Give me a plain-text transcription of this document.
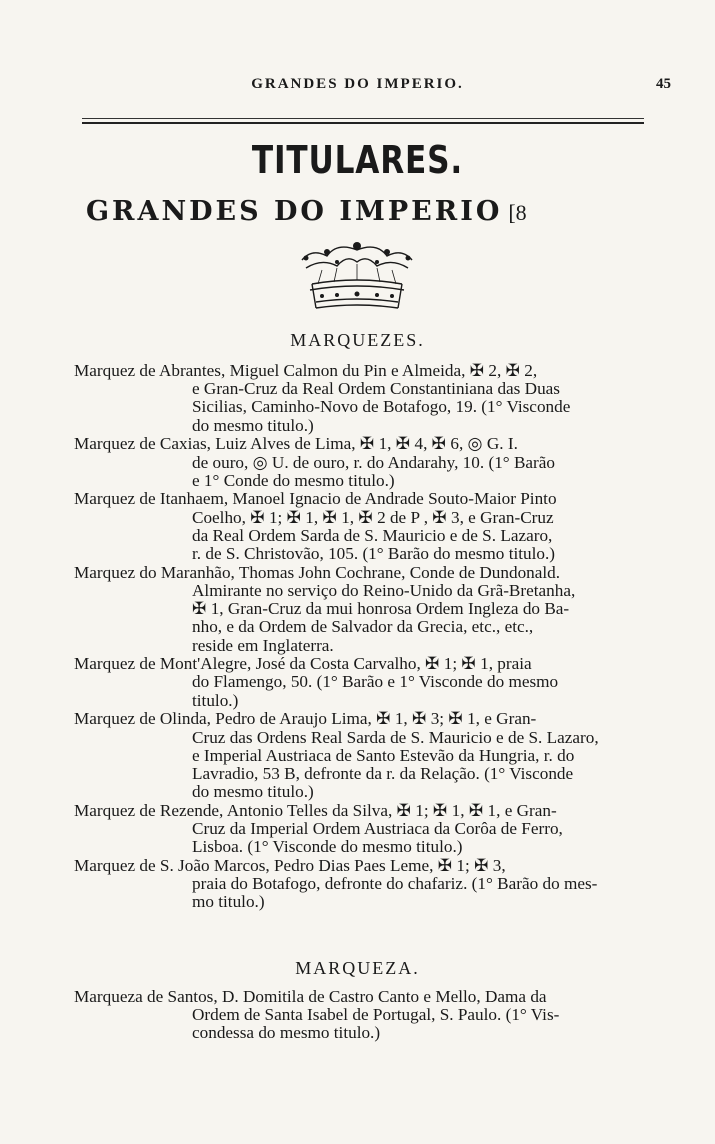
GRANDES DO IMPERIO.	45
TITULARES.
GRANDES DO IMPERIO [8
MARQUEZES.
Marquez de Abrantes, Miguel Calmon du Pin e Almeida, ✠ 2, ✠ 2,
e Gran-Cruz da Real Ordem Constantiniana das Duas
Sicilias, Caminho-Novo de Botafogo, 19. (1° Visconde
do mesmo titulo.)
Marquez de Caxias, Luiz Alves de Lima, ✠ 1, ✠ 4, ✠ 6, ◎ G. I.
de ouro, ◎ U. de ouro, r. do Andarahy, 10. (1° Barão
e 1° Conde do mesmo titulo.)
Marquez de Itanhaem, Manoel Ignacio de Andrade Souto-Maior Pinto
Coelho, ✠ 1; ✠ 1, ✠ 1, ✠ 2 de P , ✠ 3, e Gran-Cruz
da Real Ordem Sarda de S. Mauricio e de S. Lazaro,
r. de S. Christovão, 105. (1° Barão do mesmo titulo.)
Marquez do Maranhão, Thomas John Cochrane, Conde de Dundonald.
Almirante no serviço do Reino-Unido da Grã-Bretanha,
✠ 1, Gran-Cruz da mui honrosa Ordem Ingleza do Ba-
nho, e da Ordem de Salvador da Grecia, etc., etc.,
reside em Inglaterra.
Marquez de Mont'Alegre, José da Costa Carvalho, ✠ 1; ✠ 1, praia
do Flamengo, 50. (1° Barão e 1° Visconde do mesmo
titulo.)
Marquez de Olinda, Pedro de Araujo Lima, ✠ 1, ✠ 3; ✠ 1, e Gran-
Cruz das Ordens Real Sarda de S. Mauricio e de S. Lazaro,
e Imperial Austriaca de Santo Estevão da Hungria, r. do
Lavradio, 53 B, defronte da r. da Relação. (1° Visconde
do mesmo titulo.)
Marquez de Rezende, Antonio Telles da Silva, ✠ 1; ✠ 1, ✠ 1, e Gran-
Cruz da Imperial Ordem Austriaca da Corôa de Ferro,
Lisboa. (1° Visconde do mesmo titulo.)
Marquez de S. João Marcos, Pedro Dias Paes Leme, ✠ 1; ✠ 3,
praia do Botafogo, defronte do chafariz. (1° Barão do mes-
mo titulo.)
MARQUEZA.
Marqueza de Santos, D. Domitila de Castro Canto e Mello, Dama da
Ordem de Santa Isabel de Portugal, S. Paulo. (1° Vis-
condessa do mesmo titulo.)
